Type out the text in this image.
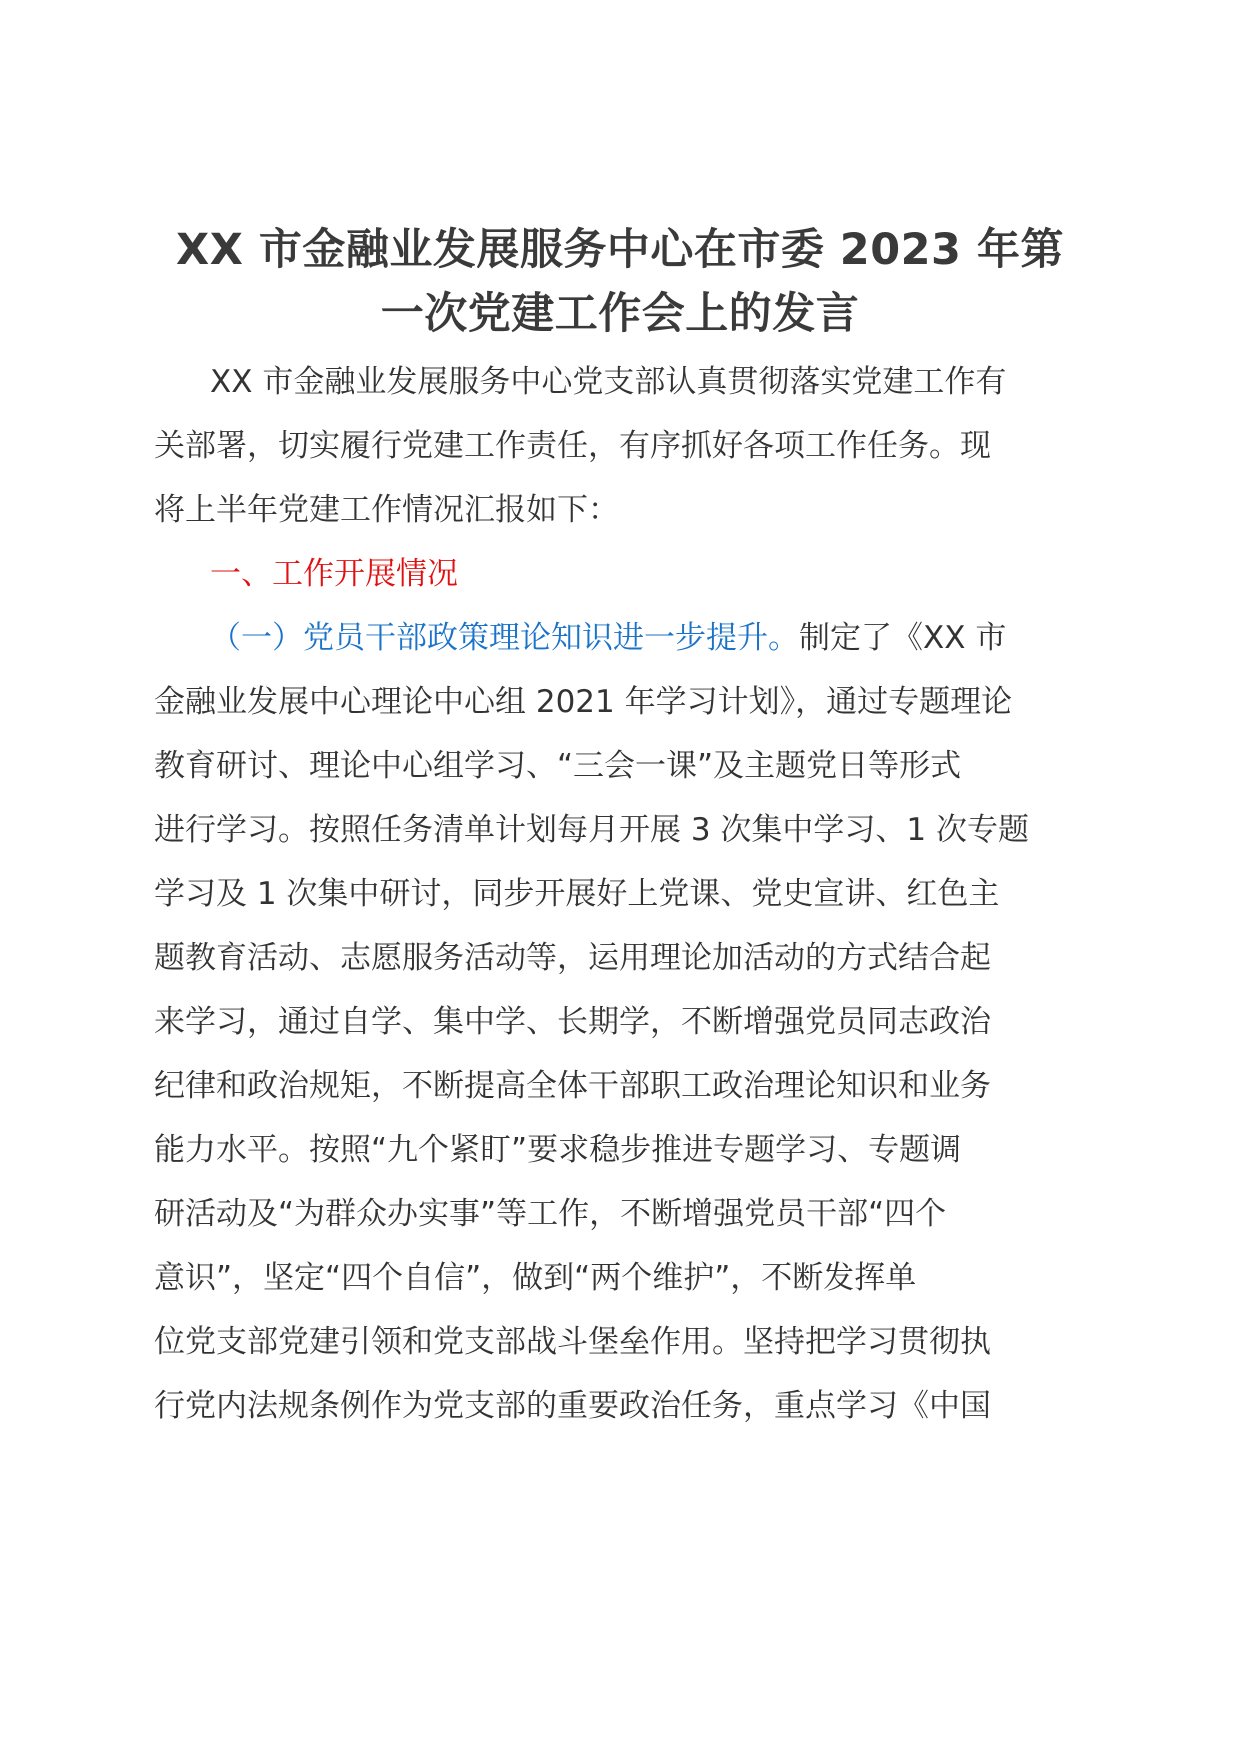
XX 市金融业发展服务中心在市委 2023 年第
一次党建工作会上的发言
XX 市金融业发展服务中心党支部认真贯彻落实党建工作有
关部署，切实履行党建工作责任，有序抓好各项工作任务。现
将上半年党建工作情况汇报如下：
一、工作开展情况
（一）党员干部政策理论知识进一步提升。制定了《XX 市
金融业发展中心理论中心组 2021 年学习计划》，通过专题理论
教育研讨、理论中心组学习、“三会一课”及主题党日等形式
进行学习。按照任务清单计划每月开展 3 次集中学习、1 次专题
学习及 1 次集中研讨，同步开展好上党课、党史宣讲、红色主
题教育活动、志愿服务活动等，运用理论加活动的方式结合起
来学习，通过自学、集中学、长期学，不断增强党员同志政治
纪律和政治规矩，不断提高全体干部职工政治理论知识和业务
能力水平。按照“九个紧盯”要求稳步推进专题学习、专题调
研活动及“为群众办实事”等工作，不断增强党员干部“四个
意识”，坚定“四个自信”，做到“两个维护”，不断发挥单
位党支部党建引领和党支部战斗堡垒作用。坚持把学习贯彻执
行党内法规条例作为党支部的重要政治任务，重点学习《中国
